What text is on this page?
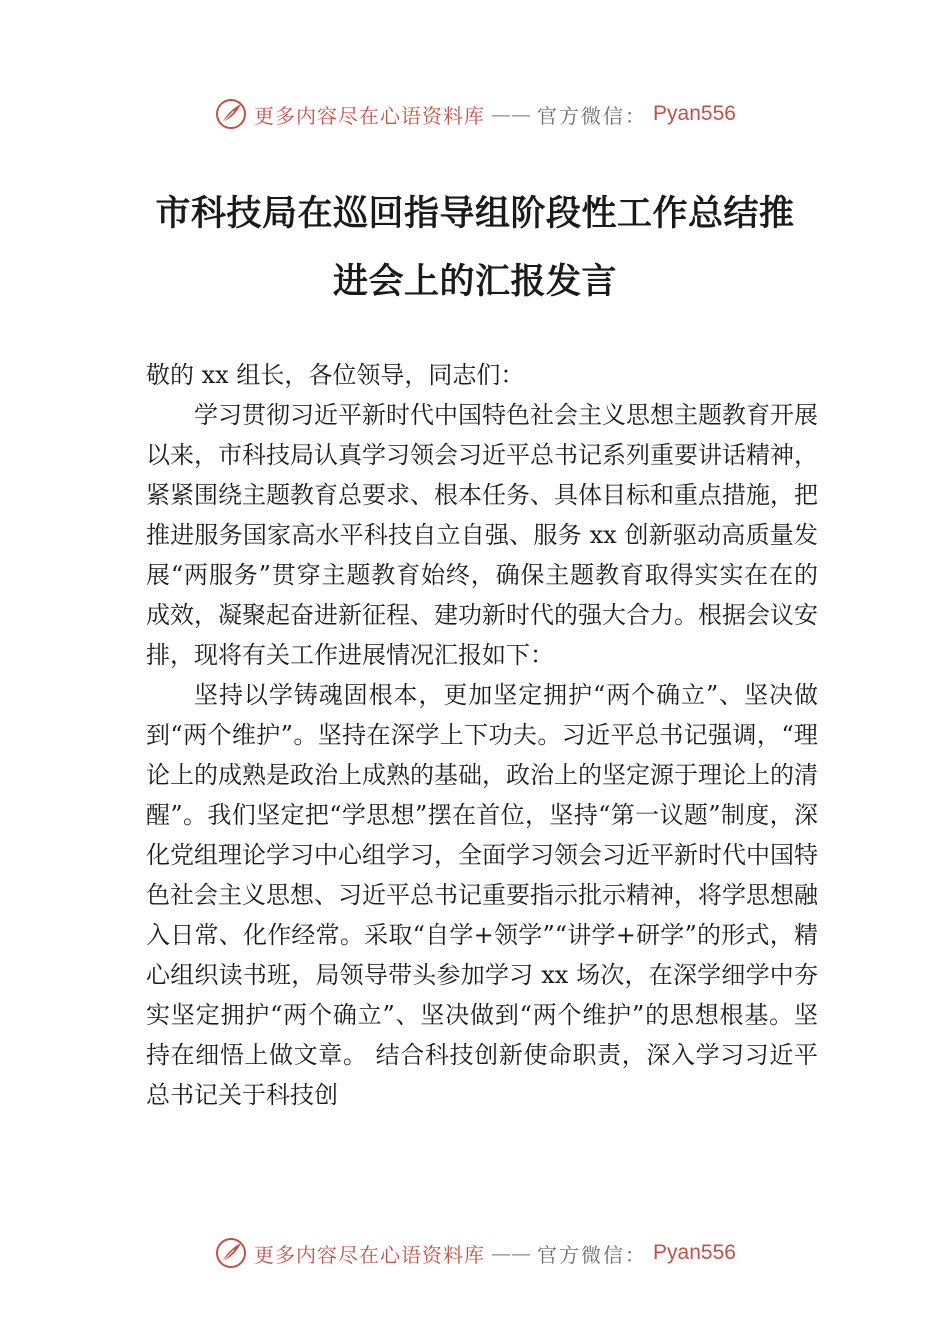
更多内容尽在心语资料库 —— 官方微信： Pyan556
市科技局在巡回指导组阶段性工作总结推进会上的汇报发言

敬的 xx 组长，各位领导，同志们：

学习贯彻习近平新时代中国特色社会主义思想主题教育开展以来，市科技局认真学习领会习近平总书记系列重要讲话精神，紧紧围绕主题教育总要求、根本任务、具体目标和重点措施，把推进服务国家高水平科技自立自强、服务 xx 创新驱动高质量发展“两服务”贯穿主题教育始终，确保主题教育取得实实在在的成效，凝聚起奋进新征程、建功新时代的强大合力。根据会议安排，现将有关工作进展情况汇报如下：

坚持以学铸魂固根本，更加坚定拥护“两个确立”、坚决做到“两个维护”。坚持在深学上下功夫。习近平总书记强调，“理论上的成熟是政治上成熟的基础，政治上的坚定源于理论上的清醒”。我们坚定把“学思想”摆在首位，坚持“第一议题”制度，深化党组理论学习中心组学习，全面学习领会习近平新时代中国特色社会主义思想、习近平总书记重要指示批示精神，将学思想融入日常、化作经常。采取“自学+领学”“讲学+研学”的形式，精心组织读书班，局领导带头参加学习 xx 场次，在深学细学中夯实坚定拥护“两个确立”、坚决做到“两个维护”的思想根基。坚持在细悟上做文章。 结合科技创新使命职责，深入学习习近平总书记关于科技创

更多内容尽在心语资料库 —— 官方微信： Pyan556
